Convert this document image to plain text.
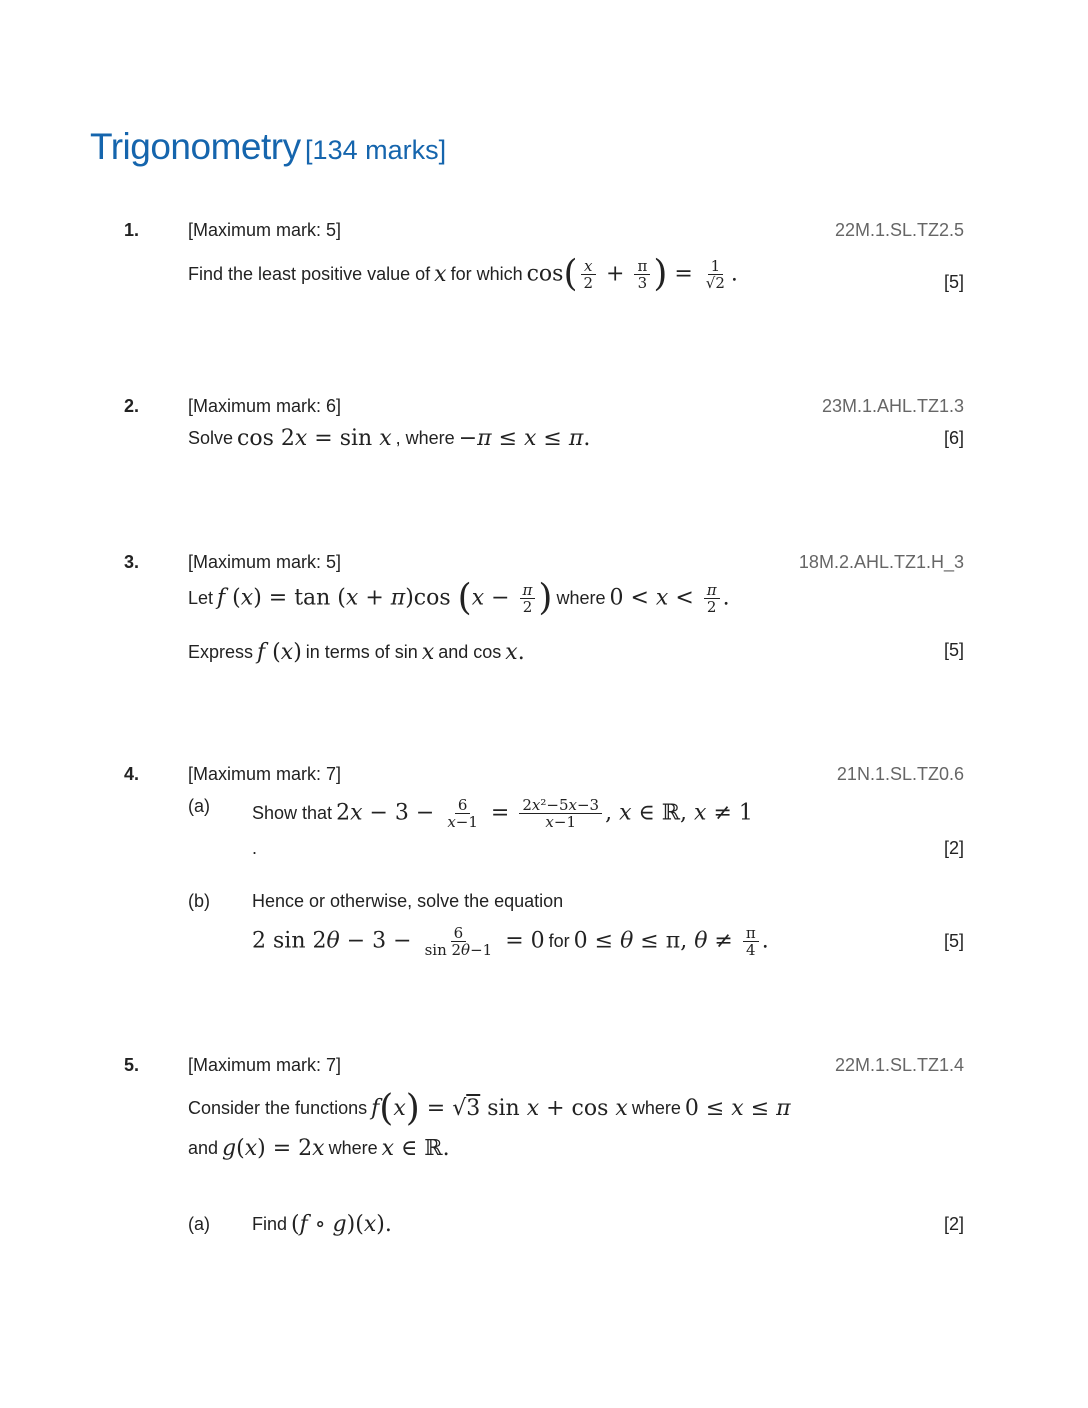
Trigonometry [134 marks]
1.	[Maximum mark: 5]	22M.1.SL.TZ2.5
Find the least positive value of x for which $\cos( \frac{x}{2} + \frac{\pi}{3}$ ) = $\frac{1}{√2}$ .	[5]
2.	[Maximum mark: 6]	23M.1.AHL.TZ1.3
Solve cos 2x = sin x , where −π ≤ x ≤ π.	[6]
3.	[Maximum mark: 5]	18M.2.AHL.TZ1.H_3
Let f (x) = tan (x + π)cos ($x - \frac{\pi}{2}$ ) where $0 < x < \frac{\pi}{2}$ .
Express f (x) in terms of sin x and cos x.	[5]
4.	[Maximum mark: 7]	21N.1.SL.TZ0.6
(a) Show that $2x - 3 - \frac{6}{x-1} = \frac{\text{2x²−5x−3}}{x-1}$ , x ∈ ℝ, x ≠ 1
.	[2]
(b) Hence or otherwise, solve the equation
2 $\sin 2\theta - 3 - \frac{6}{\sin 2\theta-1} = 0$ for 0 ≤ θ ≤ π, $\theta \ne \frac{\pi}{4}$ .	[5]
5.	[Maximum mark: 7]	22M.1.SL.TZ1.4
Consider the functions f(x) = √3 sin x + cos x where 0 ≤ x ≤ π
and g(x) = 2x where x ∈ ℝ.
(a) Find (f ∘ g)(x).	[2]
